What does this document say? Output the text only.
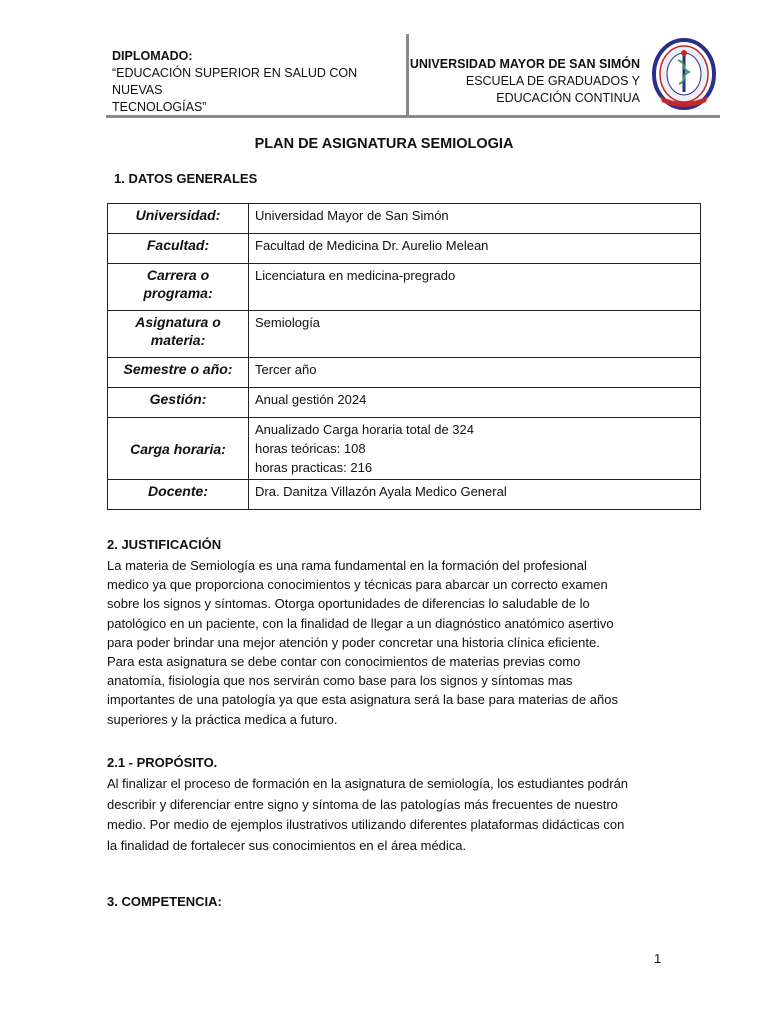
DIPLOMADO:
“EDUCACIÓN SUPERIOR EN SALUD CON NUEVAS
TECNOLOGÍAS”
UNIVERSIDAD MAYOR DE SAN SIMÓN
ESCUELA DE GRADUADOS Y
EDUCACIÓN CONTINUA
PLAN DE ASIGNATURA SEMIOLOGIA
1. DATOS GENERALES
Universidad:	Universidad Mayor de San Simón
Facultad:	Facultad de Medicina Dr. Aurelio Melean
Carrera o programa:	Licenciatura en medicina-pregrado
Asignatura o materia:	Semiología
Semestre o año:	Tercer año
Gestión:	Anual gestión 2024
Carga horaria:	Anualizado Carga horaria total de 324
horas teóricas: 108
horas practicas: 216

Docente:	Dra. Danitza Villazón Ayala Medico General
2. JUSTIFICACIÓN
La materia de Semiología es una rama fundamental en la formación del profesional
medico ya que proporciona conocimientos y técnicas para abarcar un correcto examen
sobre los signos y síntomas. Otorga oportunidades de diferencias lo saludable de lo
patológico en un paciente, con la finalidad de llegar a un diagnóstico anatómico asertivo
para poder brindar una mejor atención y poder concretar una historia clínica eficiente.
Para esta asignatura se debe contar con conocimientos de materias previas como
anatomía, fisiología que nos servirán como base para los signos y síntomas mas
importantes de una patología ya que esta asignatura será la base para materias de años
superiores y la práctica medica a futuro.
2.1 - PROPÓSITO.
Al finalizar el proceso de formación en la asignatura de semiología, los estudiantes podrán
describir y diferenciar entre signo y síntoma de las patologías más frecuentes de nuestro
medio. Por medio de ejemplos ilustrativos utilizando diferentes plataformas didácticas con
la finalidad de fortalecer sus conocimientos en el área médica.
3. COMPETENCIA:
1
